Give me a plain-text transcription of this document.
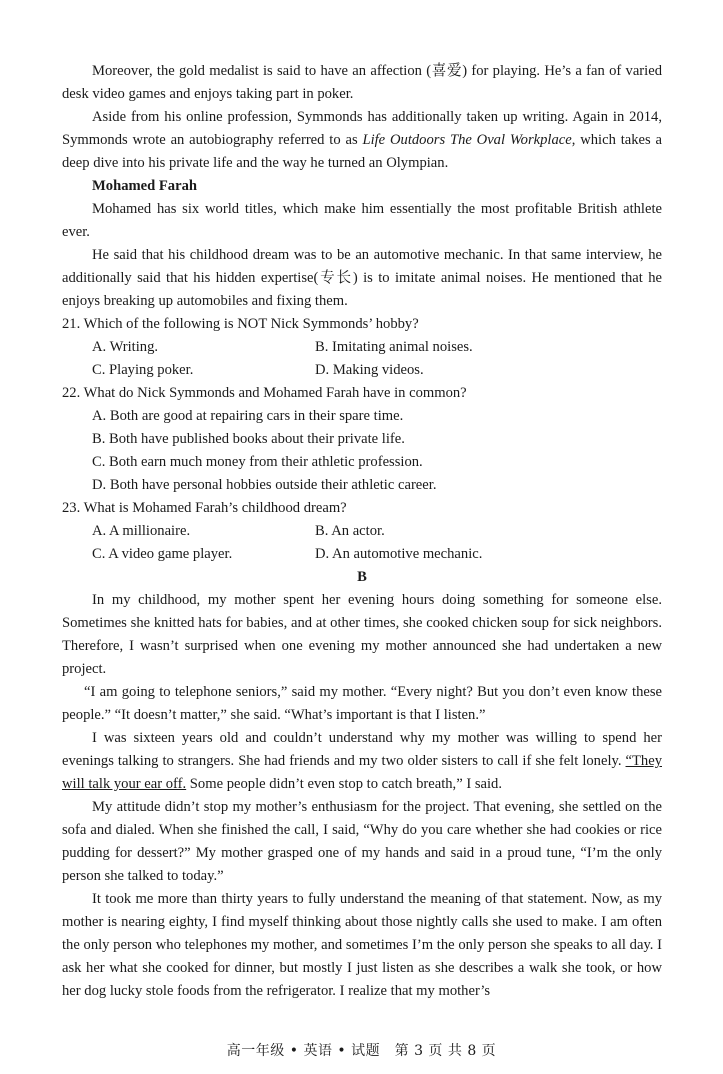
Moreover, the gold medalist is said to have an affection (喜爱) for playing. He’s a fan of varied desk video games and enjoys taking part in poker.

Aside from his online profession, Symmonds has additionally taken up writing. Again in 2014, Symmonds wrote an autobiography referred to as Life Outdoors The Oval Workplace, which takes a deep dive into his private life and the way he turned an Olympian.

Mohamed Farah

Mohamed has six world titles, which make him essentially the most profitable British athlete ever.

He said that his childhood dream was to be an automotive mechanic. In that same interview, he additionally said that his hidden expertise(专长) is to imitate animal noises. He mentioned that he enjoys breaking up automobiles and fixing them.

21. Which of the following is NOT Nick Symmonds’ hobby?

A. Writing.	B. Imitating animal noises.
C. Playing poker.	D. Making videos.

22. What do Nick Symmonds and Mohamed Farah have in common?

A. Both are good at repairing cars in their spare time.

B. Both have published books about their private life.

C. Both earn much money from their athletic profession.

D. Both have personal hobbies outside their athletic career.

23. What is Mohamed Farah’s childhood dream?

A. A millionaire.	B. An actor.
C. A video game player.	D. An automotive mechanic.

B

In my childhood, my mother spent her evening hours doing something for someone else. Sometimes she knitted hats for babies, and at other times, she cooked chicken soup for sick neighbors. Therefore, I wasn’t surprised when one evening my mother announced she had undertaken a new project.

“I am going to telephone seniors,” said my mother. “Every night? But you don’t even know these people.” “It doesn’t matter,” she said. “What’s important is that I listen.”

I was sixteen years old and couldn’t understand why my mother was willing to spend her evenings talking to strangers. She had friends and my two older sisters to call if she felt lonely. “They will talk your ear off. Some people didn’t even stop to catch breath,” I said.

My attitude didn’t stop my mother’s enthusiasm for the project. That evening, she settled on the sofa and dialed. When she finished the call, I said, “Why do you care whether she had cookies or rice pudding for dessert?” My mother grasped one of my hands and said in a proud tune, “I’m the only person she talked to today.”

It took me more than thirty years to fully understand the meaning of that statement. Now, as my mother is nearing eighty, I find myself thinking about those nightly calls she used to make. I am often the only person who telephones my mother, and sometimes I’m the only person she speaks to all day. I ask her what she cooked for dinner, but mostly I just listen as she describes a walk she took, or how her dog lucky stole foods from the refrigerator. I realize that my mother’s

高一年级 • 英语 • 试题　第 3 页 共 8 页
